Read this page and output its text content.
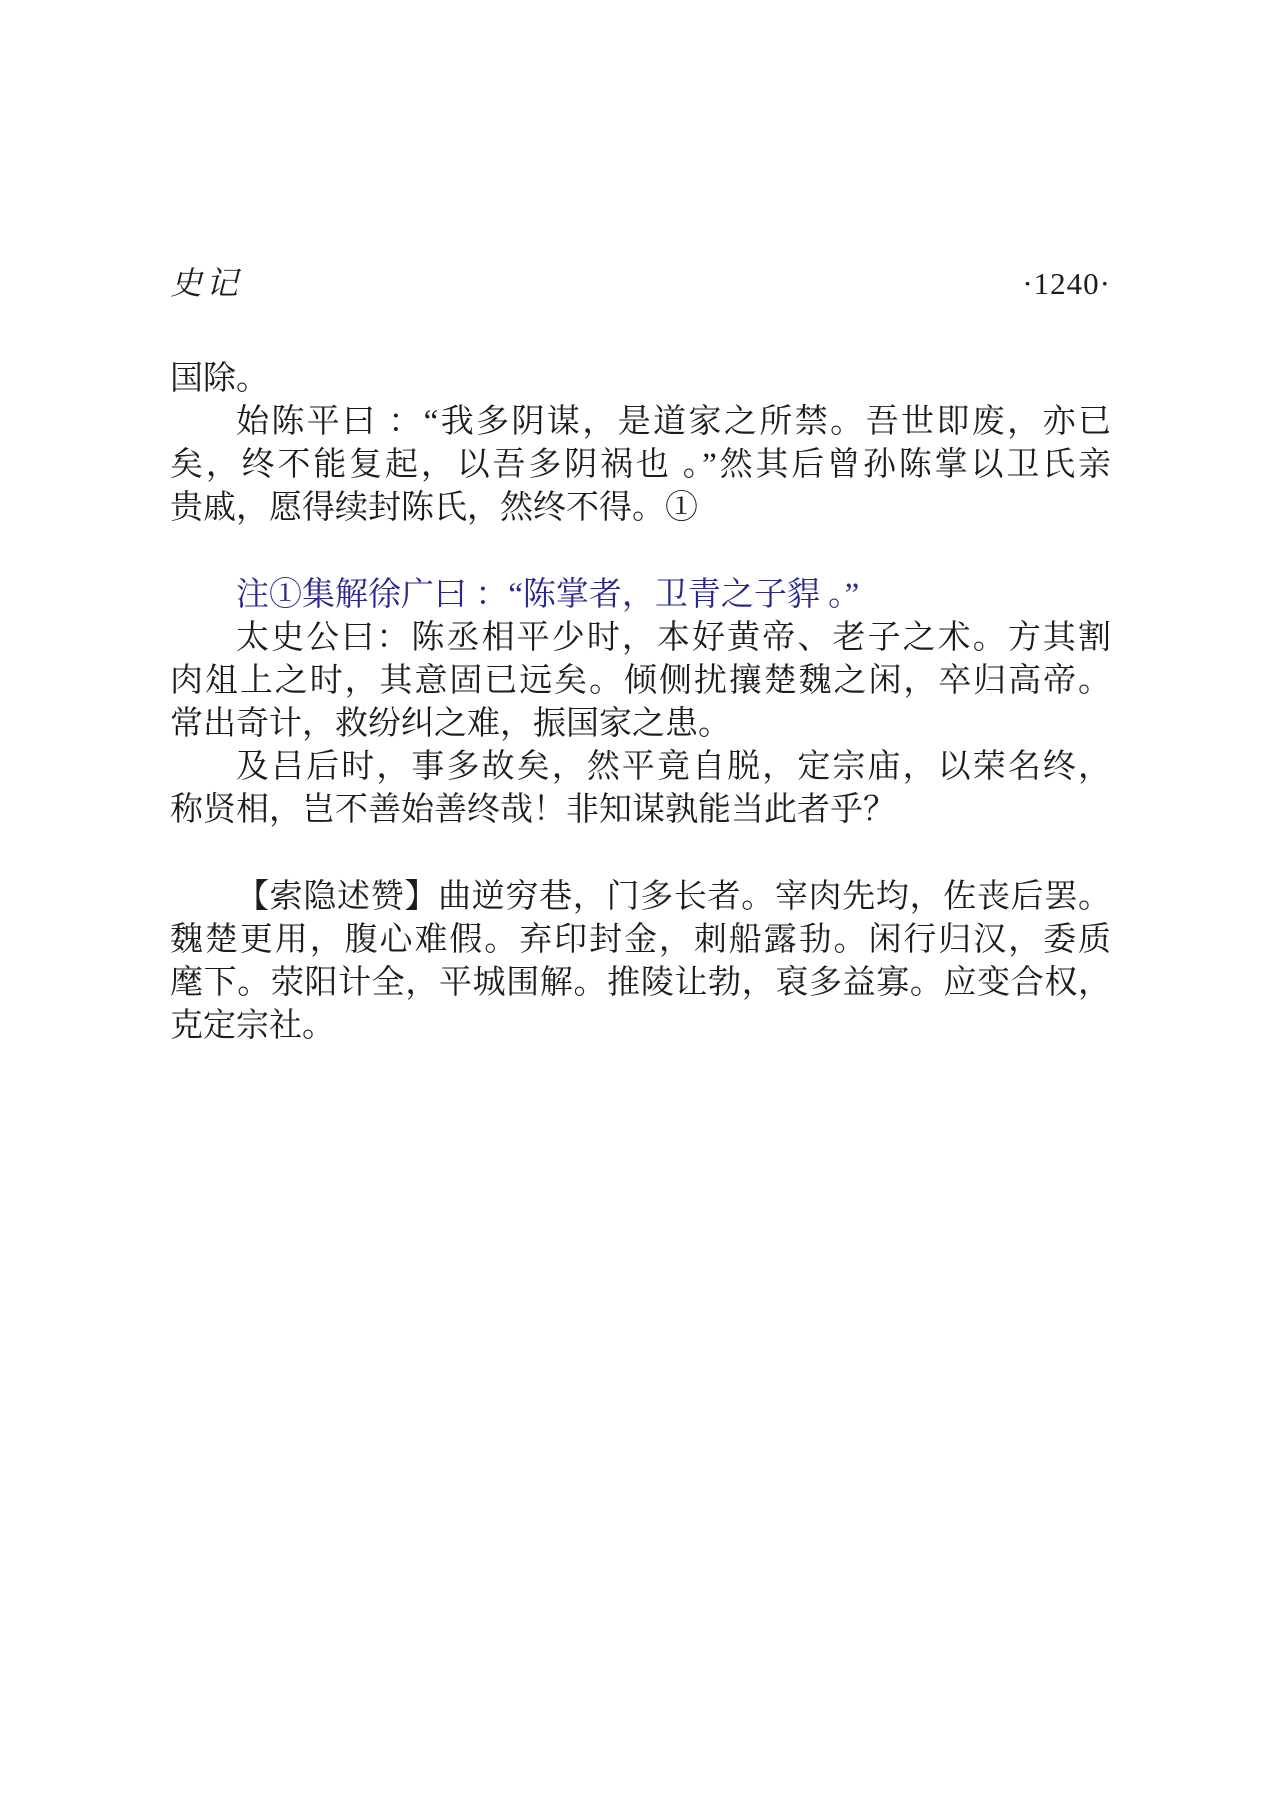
史记	·1240·
国除。
始陈平曰 ：“我多阴谋，是道家之所禁。吾世即废，亦已
矣，终不能复起，以吾多阴祸也 。”然其后曾孙陈掌以卫氏亲
贵戚，愿得续封陈氏，然终不得。①
注①集解徐广曰 ：“陈掌者，卫青之子貋 。”
太史公曰：陈丞相平少时，本好黄帝、老子之术。方其割
肉俎上之时，其意固已远矣。倾侧扰攘楚魏之闲，卒归高帝。
常出奇计，救纷纠之难，振国家之患。
及吕后时，事多故矣，然平竟自脱，定宗庙，以荣名终，
称贤相，岂不善始善终哉！非知谋孰能当此者乎？
【索隐述赞】曲逆穷巷，门多长者。宰肉先均，佐丧后罢。
魏楚更用，腹心难假。弃印封金，刺船露劧。闲行归汉，委质
麾下。荥阳计全，平城围解。推陵让勃，裒多益寡。应变合权，
克定宗社。
